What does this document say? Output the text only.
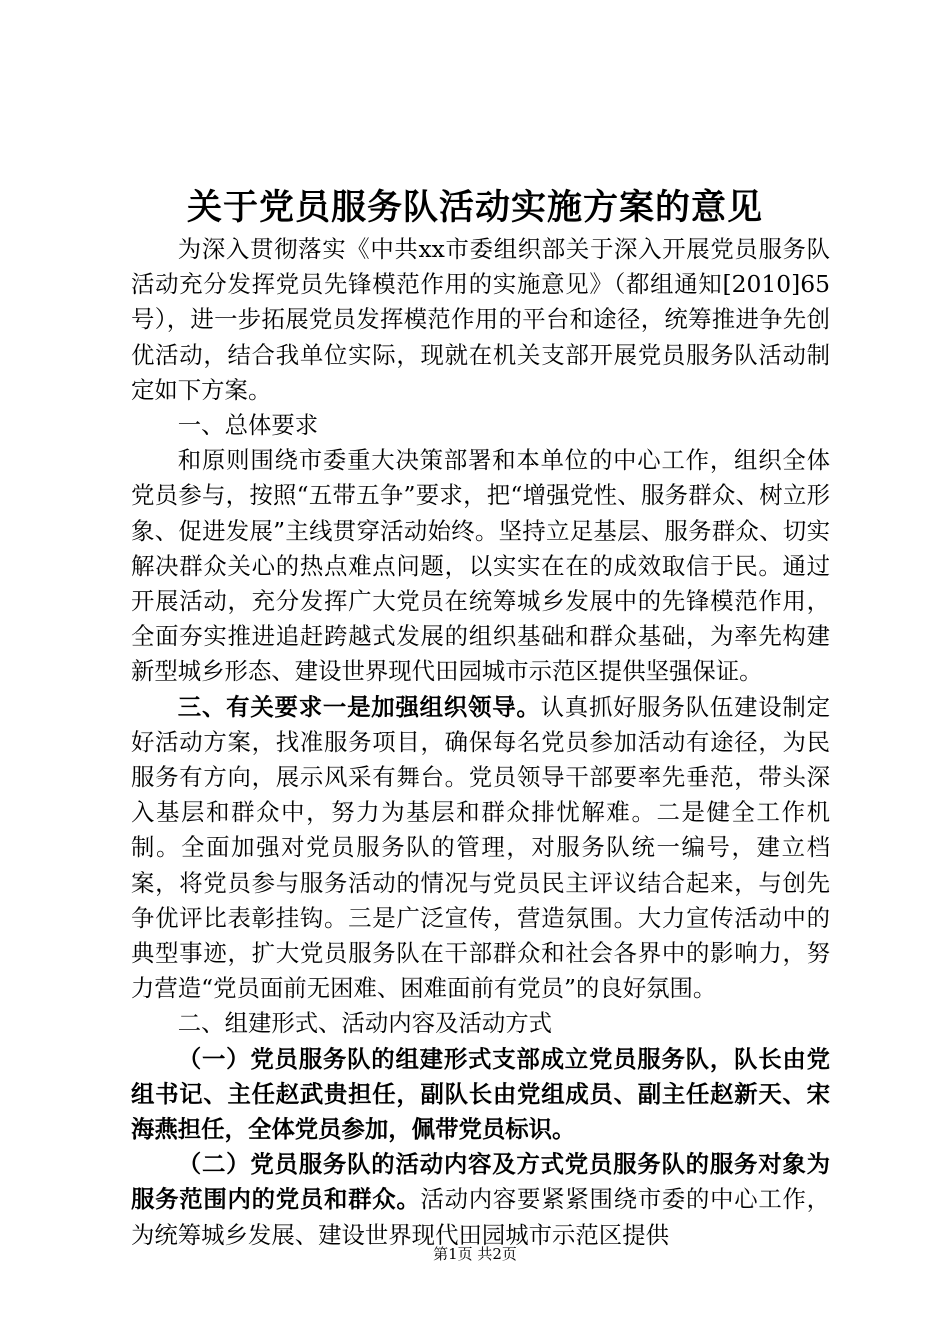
关于党员服务队活动实施方案的意见

为深入贯彻落实《中共xx市委组织部关于深入开展党员服务队活动充分发挥党员先锋模范作用的实施意见》（都组通知[2010]65号），进一步拓展党员发挥模范作用的平台和途径，统筹推进争先创优活动，结合我单位实际，现就在机关支部开展党员服务队活动制定如下方案。

一、总体要求

和原则围绕市委重大决策部署和本单位的中心工作，组织全体党员参与，按照“五带五争”要求，把“增强党性、服务群众、树立形象、促进发展”主线贯穿活动始终。坚持立足基层、服务群众、切实解决群众关心的热点难点问题，以实实在在的成效取信于民。通过开展活动，充分发挥广大党员在统筹城乡发展中的先锋模范作用，全面夯实推进追赶跨越式发展的组织基础和群众基础，为率先构建新型城乡形态、建设世界现代田园城市示范区提供坚强保证。

三、有关要求一是加强组织领导。认真抓好服务队伍建设制定好活动方案，找准服务项目，确保每名党员参加活动有途径，为民服务有方向，展示风采有舞台。党员领导干部要率先垂范，带头深入基层和群众中，努力为基层和群众排忧解难。二是健全工作机制。全面加强对党员服务队的管理，对服务队统一编号，建立档案，将党员参与服务活动的情况与党员民主评议结合起来，与创先争优评比表彰挂钩。三是广泛宣传，营造氛围。大力宣传活动中的典型事迹，扩大党员服务队在干部群众和社会各界中的影响力，努力营造“党员面前无困难、困难面前有党员”的良好氛围。

二、组建形式、活动内容及活动方式

（一）党员服务队的组建形式支部成立党员服务队，队长由党组书记、主任赵武贵担任，副队长由党组成员、副主任赵新天、宋海燕担任，全体党员参加，佩带党员标识。

（二）党员服务队的活动内容及方式党员服务队的服务对象为服务范围内的党员和群众。活动内容要紧紧围绕市委的中心工作，为统筹城乡发展、建设世界现代田园城市示范区提供

第1页 共2页
